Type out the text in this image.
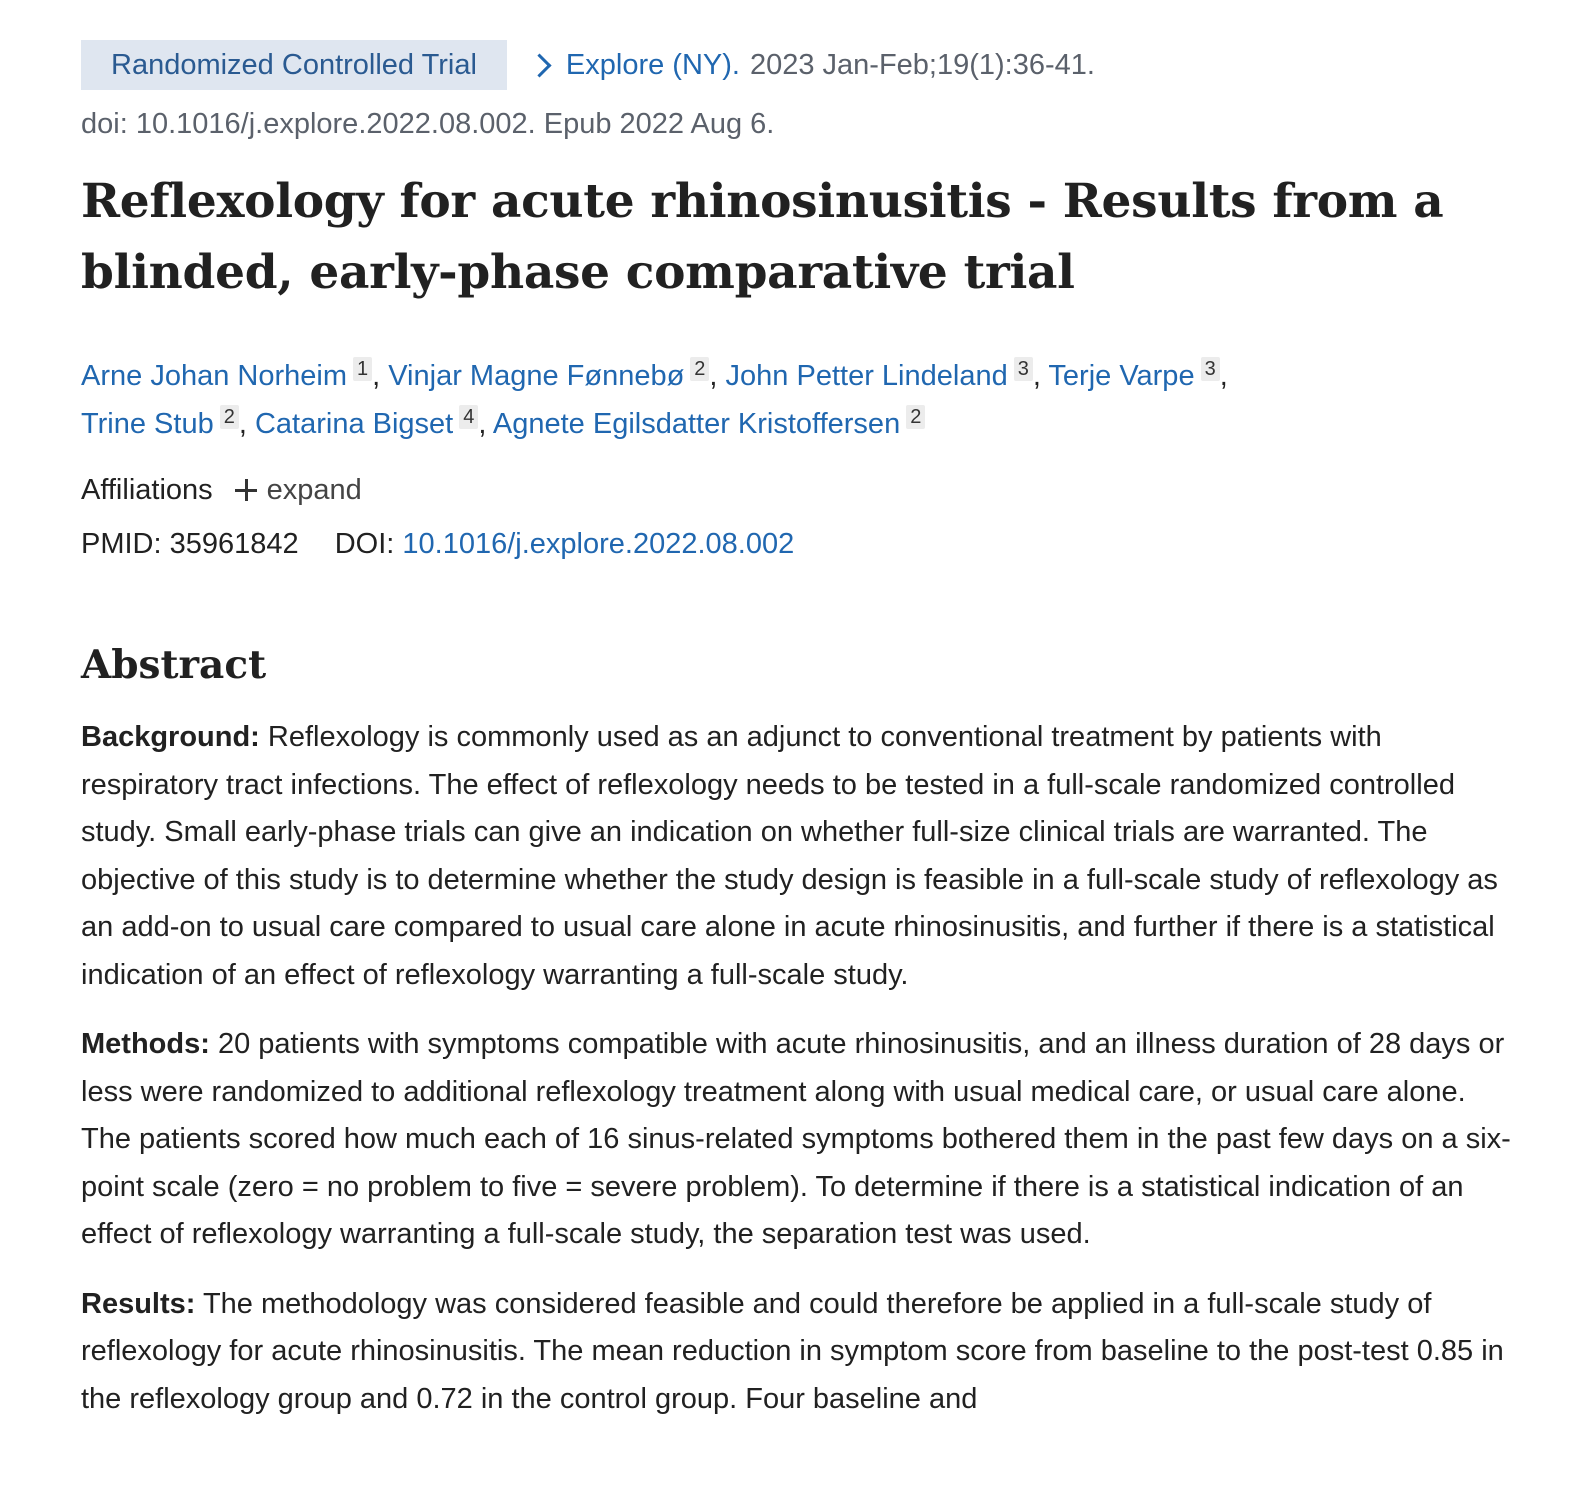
Randomized Controlled Trial	Explore (NY). 2023 Jan-Feb;19(1):36-41.
doi: 10.1016/j.explore.2022.08.002. Epub 2022 Aug 6.
Reflexology for acute rhinosinusitis - Results from a blinded, early-phase comparative trial
Arne Johan Norheim $^1$ , Vinjar Magne Fønnebø $^2$ , John Petter Lindeland $^3$ , Terje Varpe $^3$ ,
Trine Stub $^2$ , Catarina Bigset $^4$ , Agnete Egilsdatter Kristoffersen $^2$
Affiliations expand
PMID: 35961842 DOI: 10.1016/j.explore.2022.08.002
Abstract

Background: Reflexology is commonly used as an adjunct to conventional treatment by patients with respiratory tract infections. The effect of reflexology needs to be tested in a full-scale randomized controlled study. Small early-phase trials can give an indication on whether full-size clinical trials are warranted. The objective of this study is to determine whether the study design is feasible in a full-scale study of reflexology as an add-on to usual care compared to usual care alone in acute rhinosinusitis, and further if there is a statistical indication of an effect of reflexology warranting a full-scale study.

Methods: 20 patients with symptoms compatible with acute rhinosinusitis, and an illness duration of 28 days or less were randomized to additional reflexology treatment along with usual medical care, or usual care alone. The patients scored how much each of 16 sinus-related symptoms bothered them in the past few days on a six-point scale (zero = no problem to five = severe problem). To determine if there is a statistical indication of an effect of reflexology warranting a full-scale study, the separation test was used.

Results: The methodology was considered feasible and could therefore be applied in a full-scale study of reflexology for acute rhinosinusitis. The mean reduction in symptom score from baseline to the post-test 0.85 in the reflexology group and 0.72 in the control group. Four baseline and
